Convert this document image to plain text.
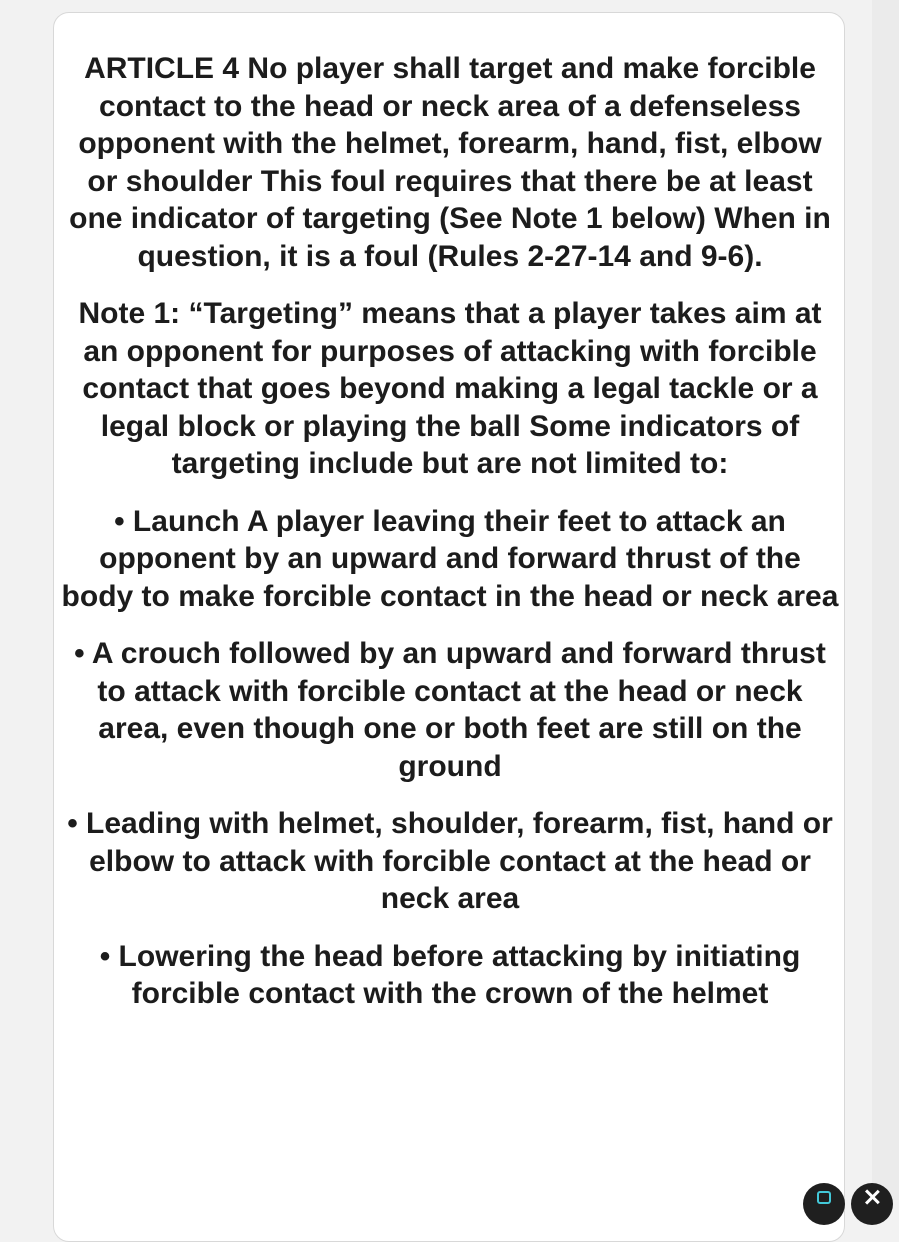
ARTICLE 4 No player shall target and make forcible contact to the head or neck area of a defenseless opponent with the helmet, forearm, hand, fist, elbow or shoulder This foul requires that there be at least one indicator of targeting (See Note 1 below) When in question, it is a foul (Rules 2-27-14 and 9-6).

Note 1: “Targeting” means that a player takes aim at an opponent for purposes of attacking with forcible contact that goes beyond making a legal tackle or a legal block or playing the ball Some indicators of targeting include but are not limited to:

• Launch A player leaving their feet to attack an opponent by an upward and forward thrust of the body to make forcible contact in the head or neck area

• A crouch followed by an upward and forward thrust to attack with forcible contact at the head or neck area, even though one or both feet are still on the ground

• Leading with helmet, shoulder, forearm, fist, hand or elbow to attack with forcible contact at the head or neck area

• Lowering the head before attacking by initiating forcible contact with the crown of the helmet
